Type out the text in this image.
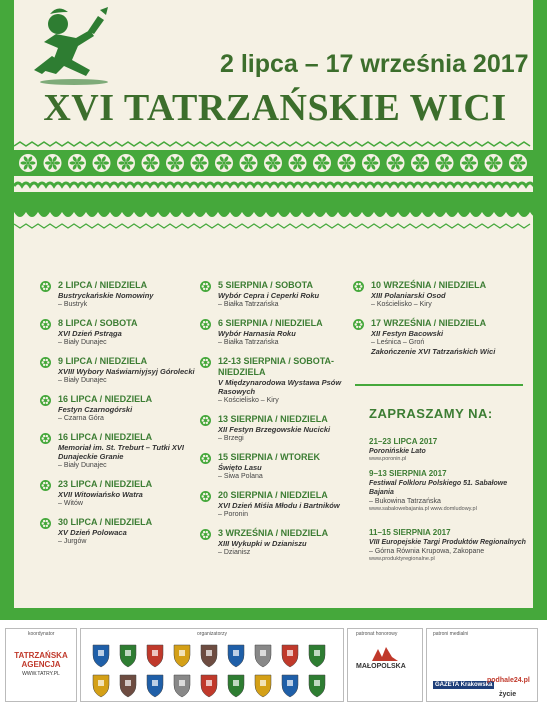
2 lipca – 17 września 2017
XVI TATRZAŃSKIE WICI
2 LIPCA / NIEDZIELA
Bustryckańskie Nomowiny
– Bustryk
8 LIPCA / SOBOTA
XVI Dzień Pstrąga
– Biały Dunajec
9 LIPCA / NIEDZIELA
XVIII Wybory Naświarniyjsyj Górolecki
– Biały Dunajec
16 LIPCA / NIEDZIELA
Festyn Czarnogórski
– Czarna Góra
16 LIPCA / NIEDZIELA
Memoriał im. St. Treburt – Tutki XVI Dunajeckie Granie
– Biały Dunajec
23 LIPCA / NIEDZIELA
XVII Witowiańsko Watra
– Witów
30 LIPCA / NIEDZIELA
XV Dzień Polowaca
– Jurgów
5 SIERPNIA / SOBOTA
Wybór Cepra i Ceperki Roku
– Białka Tatrzańska
6 SIERPNIA / NIEDZIELA
Wybór Harnasia Roku
– Białka Tatrzańska
12-13 SIERPNIA / SOBOTA-NIEDZIELA
V Międzynarodowa Wystawa Psów Rasowych
– Kościelisko – Kiry
13 SIERPNIA / NIEDZIELA
XII Festyn Brzegowskie Nucicki
– Brzegi
15 SIERPNIA / WTOREK
Święto Lasu
– Siwa Polana
20 SIERPNIA / NIEDZIELA
XVI Dzień Miśia Młodu i Bartników
– Poronin
3 WRZEŚNIA / NIEDZIELA
XIII Wykupki w Dzianiszu
– Dzianisz
10 WRZEŚNIA / NIEDZIELA
XIII Polaniarski Osod
– Kościelisko – Kiry
17 WRZEŚNIA / NIEDZIELA
XII Festyn Bacowski
– Leśnica – Groń
Zakończenie XVI Tatrzańskich Wici
ZAPRASZAMY NA:
21–23 LIPCA 2017
Poronińskie Lato
www.poronin.pl
9–13 SIERPNIA 2017
Festiwal Folkloru Polskiego 51. Sabałowe Bajania
– Bukowina Tatrzańska
www.sabalowebajania.pl www.domludowy.pl
11–15 SIERPNIA 2017
VIII Europejskie Targi Produktów Regionalnych
– Górna Równia Krupowa, Zakopane
www.produktyregionalne.pl
koordynator
TATRZAŃSKA AGENCJA
WWW.TATRY.PL
organizatorzy	patronat honorowy
MAŁOPOLSKA
patroni medialni
GAZETA Krakowska
podhale24.pl
życie
